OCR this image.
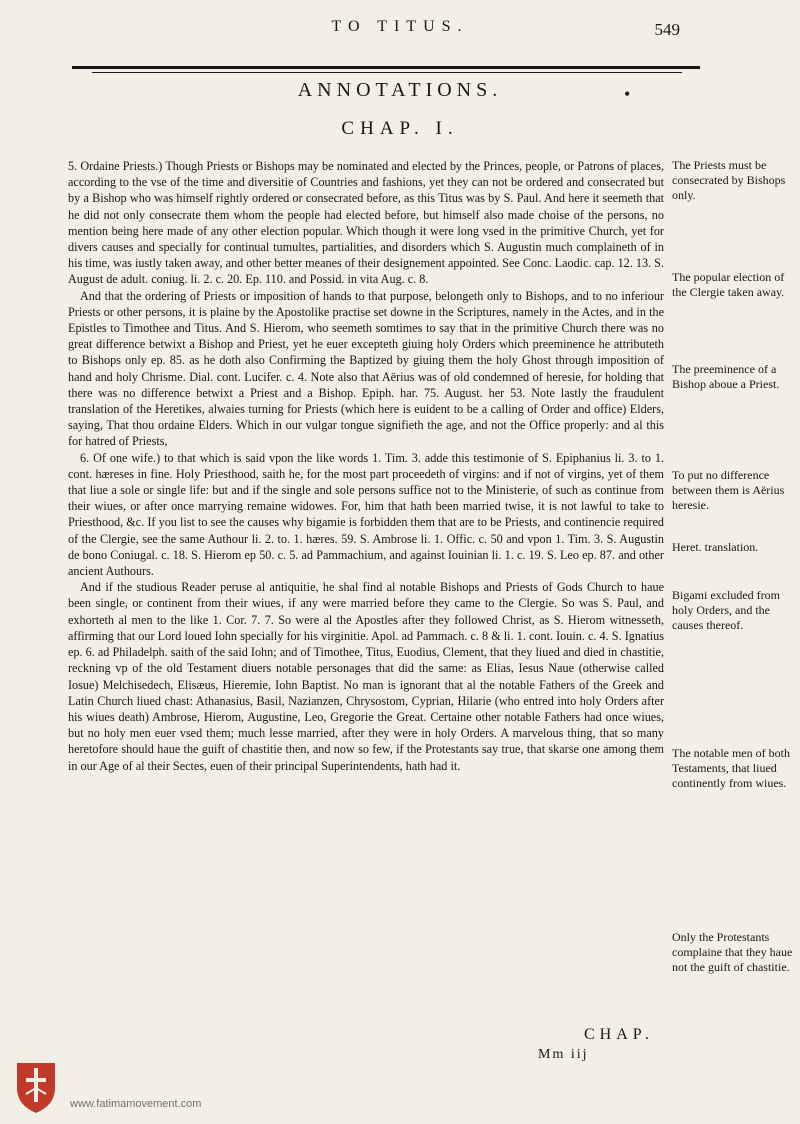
TO TITUS.	549
ANNOTATIONS.	•
CHAP. I.

5. Ordaine Priests.) Though Priests or Bishops may be nominated and elected by the Princes, people, or Patrons of places, according to the vse of the time and diversitie of Countries and fashions, yet they can not be ordered and consecrated but by a Bishop who was himself rightly ordered or consecrated before, as this Titus was by S. Paul. And here it seemeth that he did not only consecrate them whom the people had elected before, but himself also made choise of the persons, no mention being here made of any other election popular. Which though it were long vsed in the primitive Church, yet for divers causes and specially for continual tumultes, partialities, and disorders which S. Augustin much complaineth of in his time, was iustly taken away, and other better meanes of their designement appointed. See Conc. Laodic. cap. 12. 13. S. August de adult. coniug. li. 2. c. 20. Ep. 110. and Possid. in vita Aug. c. 8.

And that the ordering of Priests or imposition of hands to that purpose, belongeth only to Bishops, and to no inferiour Priests or other persons, it is plaine by the Apostolike practise set downe in the Scriptures, namely in the Actes, and in the Epistles to Timothee and Titus. And S. Hierom, who seemeth somtimes to say that in the primitive Church there was no great difference betwixt a Bishop and Priest, yet he euer excepteth giuing holy Orders which preeminence he attributeth to Bishops only ep. 85. as he doth also Confirming the Baptized by giuing them the holy Ghost through imposition of hand and holy Chrisme. Dial. cont. Lucifer. c. 4. Note also that Aërius was of old condemned of heresie, for holding that there was no difference betwixt a Priest and a Bishop. Epiph. har. 75. August. her 53. Note lastly the fraudulent translation of the Heretikes, alwaies turning for Priests (which here is euident to be a calling of Order and office) Elders, saying, That thou ordaine Elders. Which in our vulgar tongue signifieth the age, and not the Office properly: and al this for hatred of Priests,

6. Of one wife.) to that which is said vpon the like words 1. Tim. 3. adde this testimonie of S. Epiphanius li. 3. to 1. cont. hæreses in fine. Holy Priesthood, saith he, for the most part proceedeth of virgins: and if not of virgins, yet of them that liue a sole or single life: but and if the single and sole persons suffice not to the Ministerie, of such as continue from their wiues, or after once marrying remaine widowes. For, him that hath been married twise, it is not lawful to take to Priesthood, &c. If you list to see the causes why bigamie is forbidden them that are to be Priests, and continencie required of the Clergie, see the same Authour li. 2. to. 1. hæres. 59. S. Ambrose li. 1. Offic. c. 50 and vpon 1. Tim. 3. S. Augustin de bono Coniugal. c. 18. S. Hierom ep 50. c. 5. ad Pammachium, and against Iouinian li. 1. c. 19. S. Leo ep. 87. and other ancient Authours.

And if the studious Reader peruse al antiquitie, he shal find al notable Bishops and Priests of Gods Church to haue been single, or continent from their wiues, if any were married before they came to the Clergie. So was S. Paul, and exhorteth al men to the like 1. Cor. 7. 7. So were al the Apostles after they followed Christ, as S. Hierom witnesseth, affirming that our Lord loued Iohn specially for his virginitie. Apol. ad Pammach. c. 8 & li. 1. cont. Iouin. c. 4. S. Ignatius ep. 6. ad Philadelph. saith of the said Iohn; and of Timothee, Titus, Euodius, Clement, that they liued and died in chastitie, reckning vp of the old Testament diuers notable personages that did the same: as Elias, Iesus Naue (otherwise called Iosue) Melchisedech, Elisæus, Hieremie, Iohn Baptist. No man is ignorant that al the notable Fathers of the Greek and Latin Church liued chast: Athanasius, Basil, Nazianzen, Chrysostom, Cyprian, Hilarie (who entred into holy Orders after his wiues death) Ambrose, Hierom, Augustine, Leo, Gregorie the Great. Certaine other notable Fathers had once wiues, but no holy men euer vsed them; much lesse married, after they were in holy Orders. A marvelous thing, that so many heretofore should haue the guift of chastitie then, and now so few, if the Protestants say true, that skarse one among them in our Age of al their Sectes, euen of their principal Superintendents, hath had it.

The Priests must be consecrated by Bishops only.

The popular election of the Clergie taken away.

The preeminence of a Bishop aboue a Priest.

To put no difference between them is Aërius heresie.

Heret. translation.

Bigami excluded from holy Orders, and the causes thereof.

The notable men of both Testaments, that liued continently from wiues.

Only the Protestants complaine that they haue not the guift of chastitie.

CHAP.
Mm iij
www.fatimamovement.com
